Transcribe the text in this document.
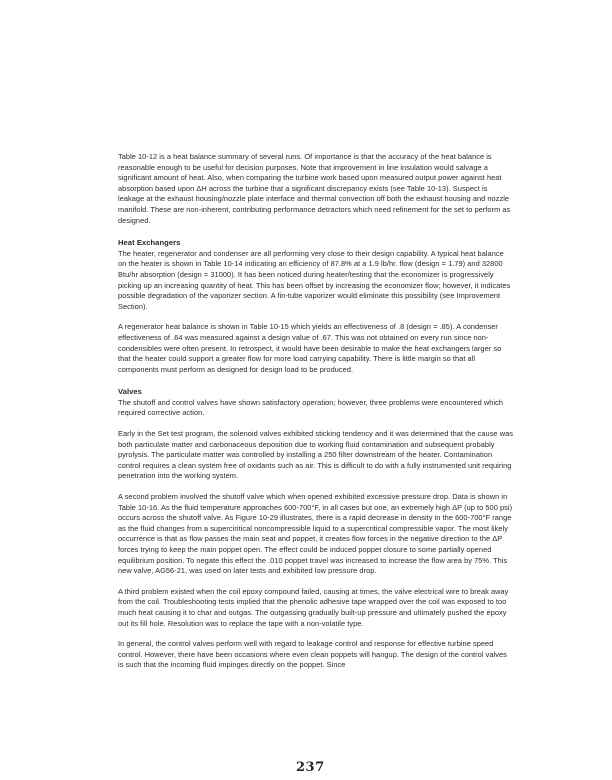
Table 10-12 is a heat balance summary of several runs. Of importance is that the accuracy of the heat balance is reasonable enough to be useful for decision purposes. Note that improvement in line insulation would salvage a significant amount of heat. Also, when comparing the turbine work based upon measured output power against heat absorption based upon ΔH across the turbine that a significant discrepancy exists (see Table 10-13). Suspect is leakage at the exhaust housing/nozzle plate interface and thermal convection off both the exhaust housing and nozzle manifold. These are non-inherent, contributing performance detractors which need refinement for the set to perform as designed.

Heat Exchangers

The heater, regenerator and condenser are all performing very close to their design capability. A typical heat balance on the heater is shown in Table 10-14 indicating an efficiency of 87.8% at a 1.9 lb/hr. flow (design = 1.79) and 32800 Btu/hr absorption (design = 31000). It has been noticed during heater/testing that the economizer is progressively picking up an increasing quantity of heat. This has been offset by increasing the economizer flow; however, it indicates possible degradation of the vaporizer section. A fin-tube vaporizer would eliminate this possibility (see Improvement Section).

A regenerator heat balance is shown in Table 10-15 which yields an effectiveness of .8 (design = .85). A condenser effectiveness of .64 was measured against a design value of .67. This was not obtained on every run since non-condensibles were often present. In retrospect, it would have been desirable to make the heat exchangers larger so that the heater could support a greater flow for more load carrying capability. There is little margin so that all components must perform as designed for design load to be produced.

Valves

The shutoff and control valves have shown satisfactory operation; however, three problems were encountered which required corrective action.

Early in the Set test program, the solenoid valves exhibited sticking tendency and it was determined that the cause was both particulate matter and carbonaceous deposition due to working fluid contamination and subsequent probably pyrolysis. The particulate matter was controlled by installing a 250 filter downstream of the heater. Contamination control requires a clean system free of oxidants such as air. This is difficult to do with a fully instrumented unit requiring penetration into the working system.

A second problem involved the shutoff valve which when opened exhibited excessive pressure drop. Data is shown in Table 10-16. As the fluid temperature approaches 600-700°F, in all cases but one, an extremely high ΔP (up to 500 psi) occurs across the shutoff valve. As Figure 10-29 illustrates, there is a rapid decrease in density in the 600-700°F range as the fluid changes from a superciritical noncompressible liquid to a supercritical compressible vapor. The most likely occurrence is that as flow passes the main seat and poppet, it creates flow forces in the negative direction to the ΔP forces trying to keep the main poppet open. The effect could be induced poppet closure to some partially opened equilibrium position. To negate this effect the .010 poppet travel was increased to increase the flow area by 75%. This new valve, AG56-21, was used on later tests and exhibited low pressure drop.

A third problem existed when the coil epoxy compound failed, causing at times, the valve electrical wire to break away from the coil. Troubleshooting tests implied that the phenolic adhesive tape wrapped over the coil was exposed to too much heat causing it to char and outgas. The outgassing gradually built-up pressure and ultimately pushed the epoxy out its fill hole. Resolution was to replace the tape with a non-volatile type.

In general, the control valves perform well with regard to leakage control and response for effective turbine speed control. However, there have been occasions where even clean poppets will hangup. The design of the control valves is such that the incoming fluid impinges directly on the poppet. Since

237
